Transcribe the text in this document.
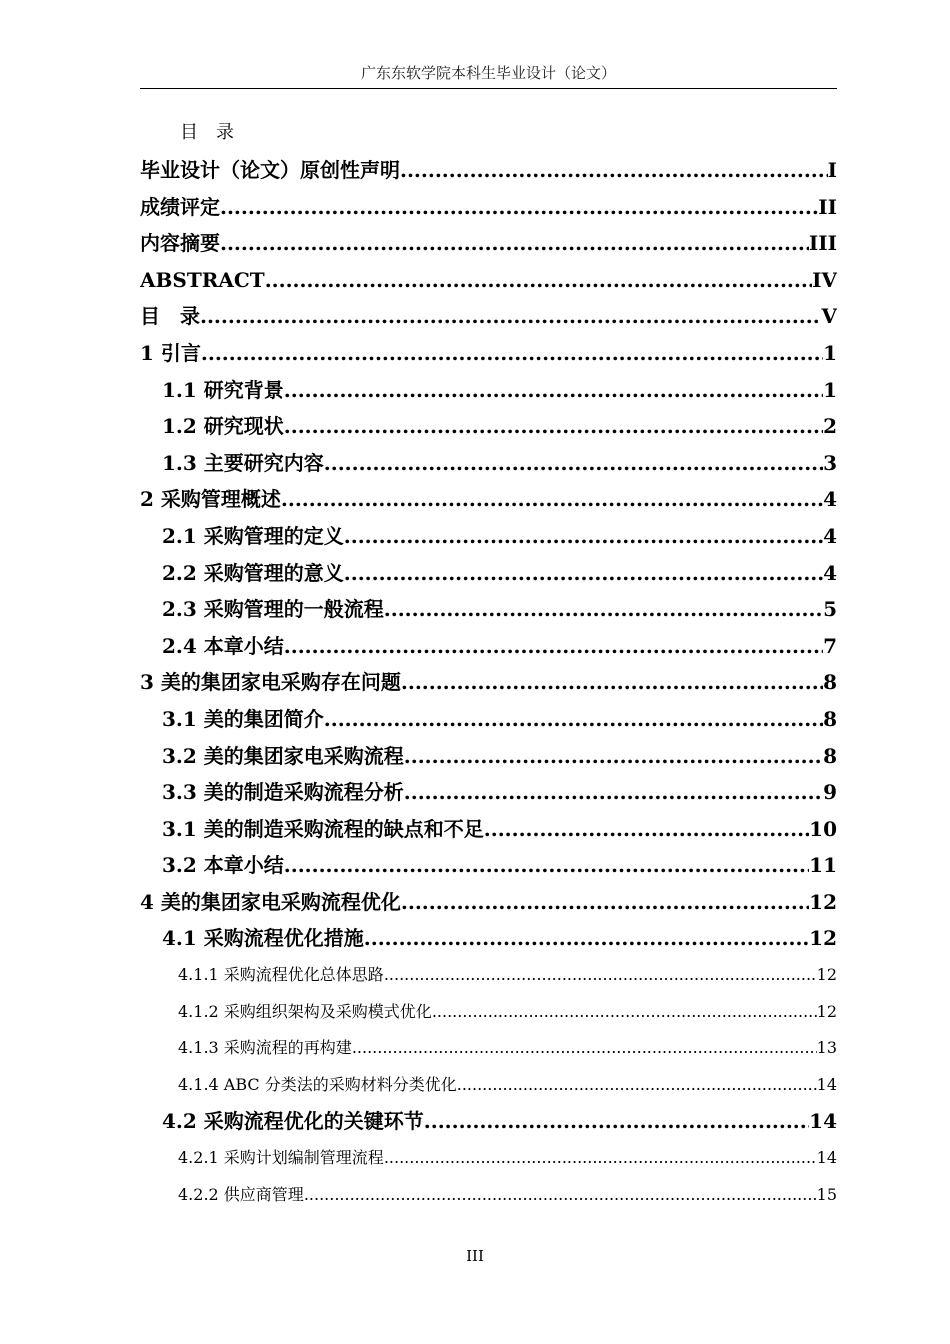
广东东软学院本科生毕业设计（论文）
目　录
毕业设计（论文）原创性声明 .....	I
成绩评定 .....	II
内容摘要 .....	III
ABSTRACT .....	IV
目　录 .....	V
1 引言 .....	1
1.1 研究背景 .....	1
1.2 研究现状 .....	2
1.3 主要研究内容 .....	3
2 采购管理概述 .....	4
2.1 采购管理的定义 .....	4
2.2 采购管理的意义 .....	4
2.3 采购管理的一般流程 .....	5
2.4 本章小结 .....	7
3 美的集团家电采购存在问题 .....	8
3.1 美的集团简介 .....	8
3.2 美的集团家电采购流程 .....	8
3.3 美的制造采购流程分析 .....	9
3.1 美的制造采购流程的缺点和不足 .....	10
3.2 本章小结 .....	11
4 美的集团家电采购流程优化 .....	12
4.1 采购流程优化措施 .....	12
4.1.1 采购流程优化总体思路 .....	12
4.1.2 采购组织架构及采购模式优化 .....	12
4.1.3 采购流程的再构建 .....	13
4.1.4 ABC 分类法的采购材料分类优化 .....	14
4.2 采购流程优化的关键环节 .....	14
4.2.1 采购计划编制管理流程 .....	14
4.2.2 供应商管理 .....	15
III
